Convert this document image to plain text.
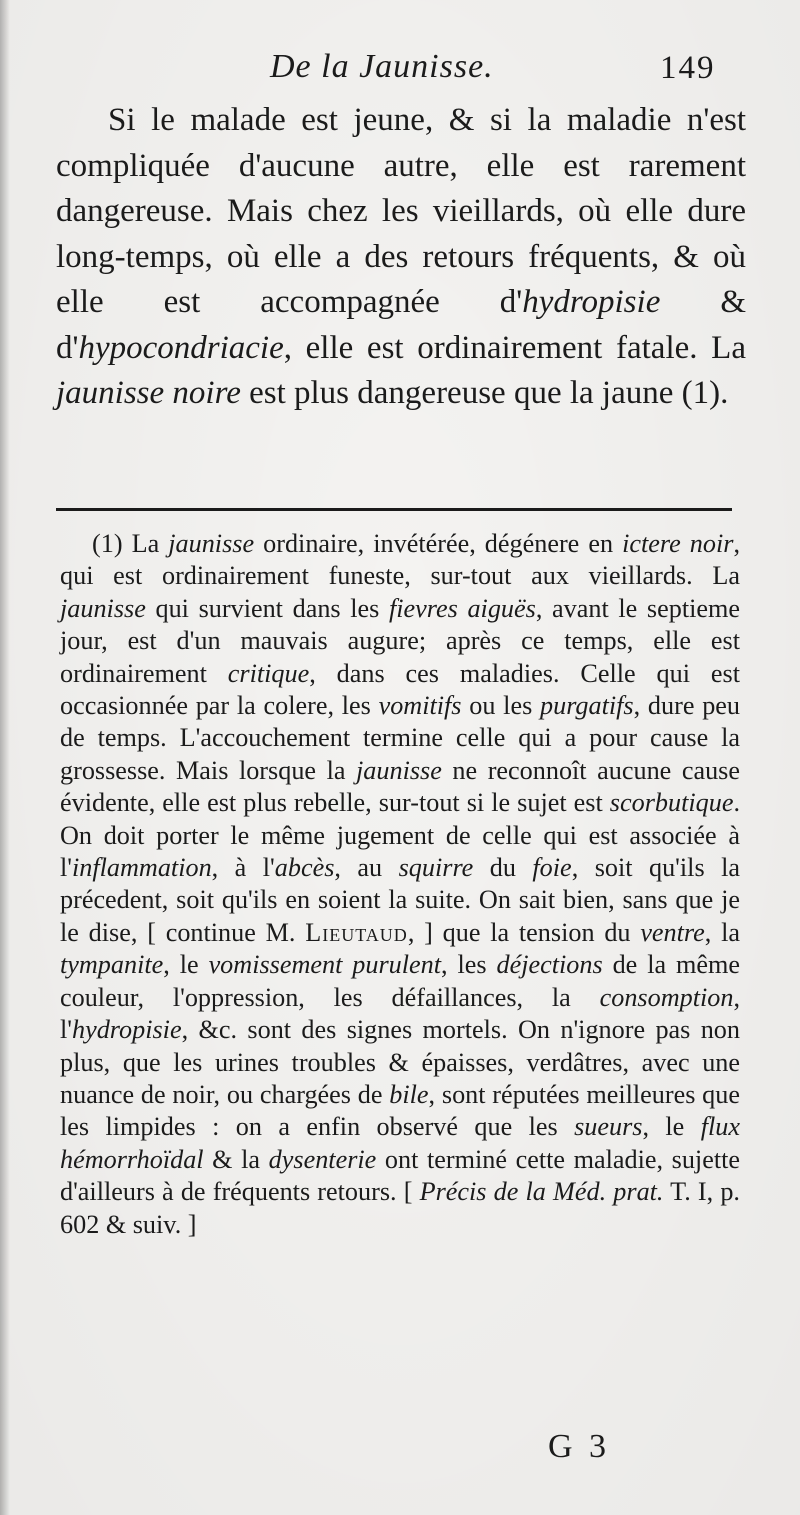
De la Jaunisse.	149

Si le malade est jeune, & si la maladie n'est compliquée d'aucune autre, elle est rarement dangereuse. Mais chez les vieillards, où elle dure long-temps, où elle a des retours fréquents, & où elle est accompagnée d'hydropisie & d'hypocondriacie, elle est ordinairement fatale. La jaunisse noire est plus dangereuse que la jaune (1).

(1) La jaunisse ordinaire, invétérée, dégénere en ictere noir, qui est ordinairement funeste, sur-tout aux vieillards. La jaunisse qui survient dans les fievres aiguës, avant le septieme jour, est d'un mauvais augure; après ce temps, elle est ordinairement critique, dans ces maladies. Celle qui est occasionnée par la colere, les vomitifs ou les purgatifs, dure peu de temps. L'accouchement termine celle qui a pour cause la grossesse. Mais lorsque la jaunisse ne reconnoît aucune cause évidente, elle est plus rebelle, sur-tout si le sujet est scorbutique. On doit porter le même jugement de celle qui est associée à l'inflammation, à l'abcès, au squirre du foie, soit qu'ils la précedent, soit qu'ils en soient la suite. On sait bien, sans que je le dise, [ continue M. Lieutaud, ] que la tension du ventre, la tympanite, le vomissement purulent, les déjections de la même couleur, l'oppression, les défaillances, la consomption, l'hydropisie, &c. sont des signes mortels. On n'ignore pas non plus, que les urines troubles & épaisses, verdâtres, avec une nuance de noir, ou chargées de bile, sont réputées meilleures que les limpides : on a enfin observé que les sueurs, le flux hémorrhoïdal & la dysenterie ont terminé cette maladie, sujette d'ailleurs à de fréquents retours. [ Précis de la Méd. prat. T. I, p. 602 & suiv. ]

G 3
